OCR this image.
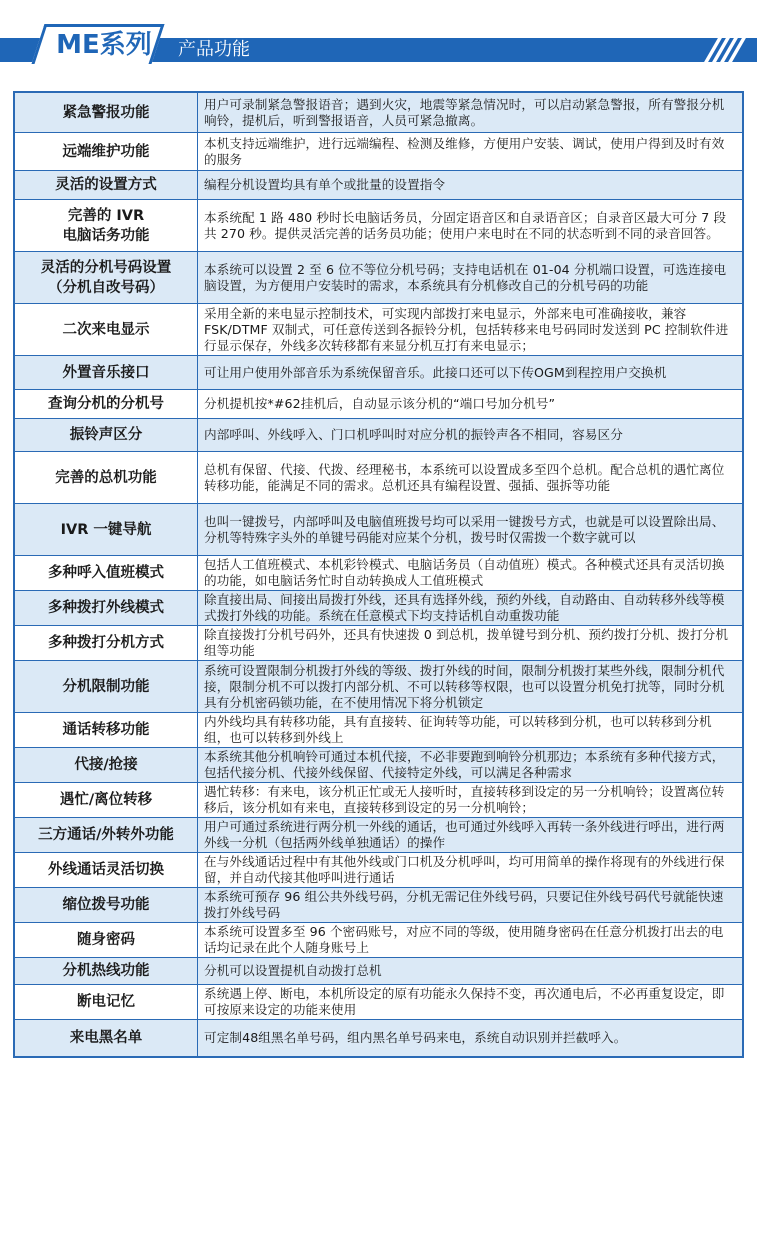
ME系列	产品功能
紧急警报功能	用户可录制紧急警报语音；遇到火灾，地震等紧急情况时，可以启动紧急警报，所有警报分机响铃，提机后，听到警报语音，人员可紧急撤离。
远端维护功能	本机支持远端维护，进行远端编程、检测及维修，方便用户安装、调试，使用户得到及时有效的服务
灵活的设置方式	编程分机设置均具有单个或批量的设置指令
完善的 IVR
电脑话务功能	本系统配 1 路 480 秒时长电脑话务员，分固定语音区和自录语音区；自录音区最大可分 7 段共 270 秒。提供灵活完善的话务员功能；使用户来电时在不同的状态听到不同的录音回答。
灵活的分机号码设置
（分机自改号码）	本系统可以设置 2 至 6 位不等位分机号码；支持电话机在 01-04 分机端口设置，可选连接电脑设置，为方便用户安装时的需求，本系统具有分机修改自己的分机号码的功能
二次来电显示	采用全新的来电显示控制技术，可实现内部拨打来电显示，外部来电可准确接收，兼容 FSK/DTMF 双制式，可任意传送到各振铃分机，包括转移来电号码同时发送到 PC 控制软件进行显示保存，外线多次转移都有来显分机互打有来电显示；
外置音乐接口	可让用户使用外部音乐为系统保留音乐。此接口还可以下传OGM到程控用户交换机
查询分机的分机号	分机提机按*#62挂机后，自动显示该分机的“端口号加分机号”
振铃声区分	内部呼叫、外线呼入、门口机呼叫时对应分机的振铃声各不相同，容易区分
完善的总机功能	总机有保留、代接、代拨、经理秘书，本系统可以设置成多至四个总机。配合总机的遇忙离位转移功能，能满足不同的需求。总机还具有编程设置、强插、强拆等功能
IVR 一键导航	也叫一键拨号，内部呼叫及电脑值班拨号均可以采用一键拨号方式，也就是可以设置除出局、分机等特殊字头外的单键号码能对应某个分机，拨号时仅需拨一个数字就可以
多种呼入值班模式	包括人工值班模式、本机彩铃模式、电脑话务员（自动值班）模式。各种模式还具有灵活切换的功能，如电脑话务忙时自动转换成人工值班模式
多种拨打外线模式	除直接出局、间接出局拨打外线，还具有选择外线，预约外线，自动路由、自动转移外线等模式拨打外线的功能。系统在任意模式下均支持话机自动重拨功能
多种拨打分机方式	除直接拨打分机号码外，还具有快速拨 0 到总机，拨单键号到分机、预约拨打分机、拨打分机组等功能
分机限制功能	系统可设置限制分机拨打外线的等级、拨打外线的时间，限制分机拨打某些外线，限制分机代接，限制分机不可以拨打内部分机、不可以转移等权限，也可以设置分机免打扰等，同时分机具有分机密码锁功能，在不使用情况下将分机锁定
通话转移功能	内外线均具有转移功能，具有直接转、征询转等功能，可以转移到分机，也可以转移到分机组，也可以转移到外线上
代接/抢接	本系统其他分机响铃可通过本机代接，不必非要跑到响铃分机那边；本系统有多种代接方式，包括代接分机、代接外线保留、代接特定外线，可以满足各种需求
遇忙/离位转移	遇忙转移：有来电，该分机正忙或无人接听时，直接转移到设定的另一分机响铃；设置离位转移后，该分机如有来电，直接转移到设定的另一分机响铃；
三方通话/外转外功能	用户可通过系统进行两分机一外线的通话，也可通过外线呼入再转一条外线进行呼出，进行两外线一分机（包括两外线单独通话）的操作
外线通话灵活切换	在与外线通话过程中有其他外线或门口机及分机呼叫，均可用简单的操作将现有的外线进行保留，并自动代接其他呼叫进行通话
缩位拨号功能	本系统可预存 96 组公共外线号码，分机无需记住外线号码，只要记住外线号码代号就能快速拨打外线号码
随身密码	本系统可设置多至 96 个密码账号，对应不同的等级，使用随身密码在任意分机拨打出去的电话均记录在此个人随身账号上
分机热线功能	分机可以设置提机自动拨打总机
断电记忆	系统遇上停、断电，本机所设定的原有功能永久保持不变，再次通电后，不必再重复设定，即可按原来设定的功能来使用
来电黑名单	可定制48组黑名单号码，组内黑名单号码来电，系统自动识别并拦截呼入。
